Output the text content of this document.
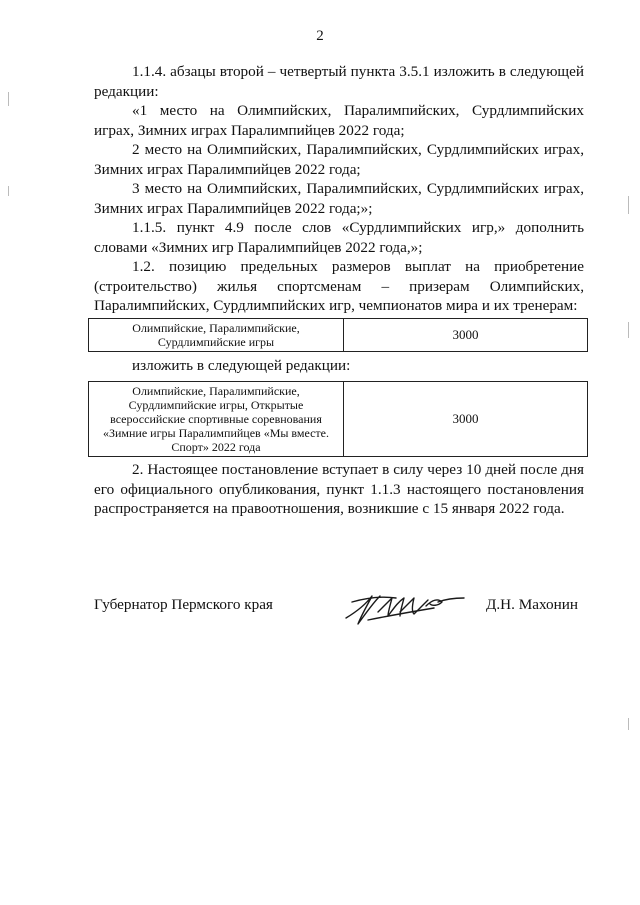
2

1.1.4. абзацы второй – четвертый пункта 3.5.1 изложить в следующей редакции:

«1 место на Олимпийских, Паралимпийских, Сурдлимпийских играх, Зимних играх Паралимпийцев 2022 года;

2 место на Олимпийских, Паралимпийских, Сурдлимпийских играх, Зимних играх Паралимпийцев 2022 года;

3 место на Олимпийских, Паралимпийских, Сурдлимпийских играх, Зимних играх Паралимпийцев 2022 года;»;

1.1.5. пункт 4.9 после слов «Сурдлимпийских игр,» дополнить словами «Зимних игр Паралимпийцев 2022 года,»;

1.2. позицию предельных размеров выплат на приобретение (строительство) жилья спортсменам – призерам Олимпийских, Паралимпийских, Сурдлимпийских игр, чемпионатов мира и их тренерам:

Олимпийские, Паралимпийские, Сурдлимпийские игры	3000

изложить в следующей редакции:

Олимпийские, Паралимпийские, Сурдлимпийские игры, Открытые всероссийские спортивные соревнования «Зимние игры Паралимпийцев «Мы вместе. Спорт» 2022 года	3000

2. Настоящее постановление вступает в силу через 10 дней после дня его официального опубликования, пункт 1.1.3 настоящего постановления распространяется на правоотношения, возникшие с 15 января 2022 года.

Губернатор Пермского края	Д.Н. Махонин
